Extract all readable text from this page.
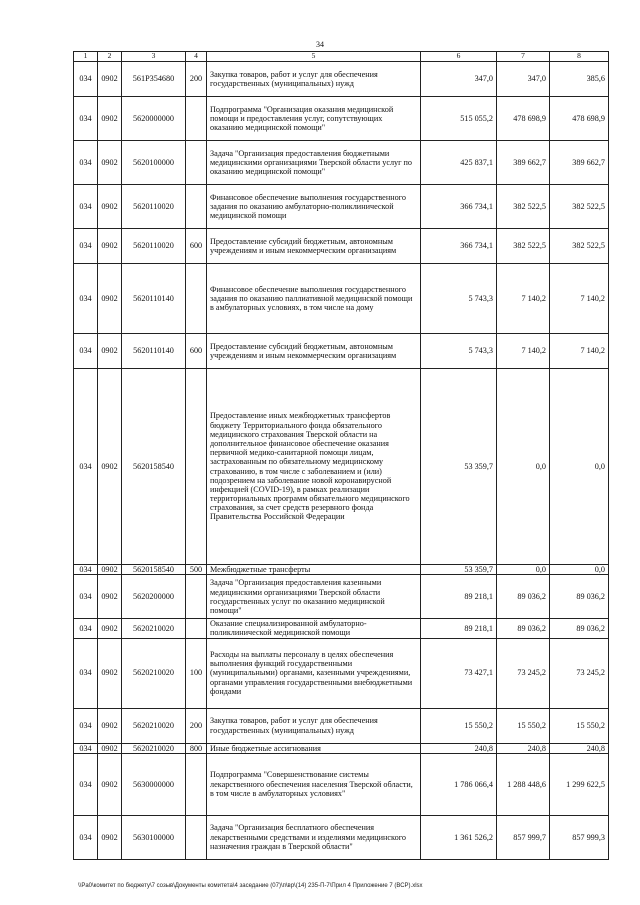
34
1	2	3	4	5	6	7	8
034	0902	561P354680	200	Закупка товаров, работ и услуг для обеспечения государственных (муниципальных) нужд	347,0	347,0	385,6
034	0902	5620000000		Подпрограмма "Организация оказания медицинской помощи и предоставления услуг, сопутствующих оказанию медицинской помощи"	515 055,2	478 698,9	478 698,9
034	0902	5620100000		Задача "Организация предоставления бюджетными медицинскими организациями Тверской области услуг по оказанию медицинской помощи"	425 837,1	389 662,7	389 662,7
034	0902	5620110020		Финансовое обеспечение выполнения государственного задания по оказанию амбулаторно-поликлинической медицинской помощи	366 734,1	382 522,5	382 522,5
034	0902	5620110020	600	Предоставление субсидий бюджетным, автономным учреждениям и иным некоммерческим организациям	366 734,1	382 522,5	382 522,5
034	0902	5620110140		Финансовое обеспечение выполнения государственного задания по оказанию паллиативной медицинской помощи в амбулаторных условиях, в том числе на дому	5 743,3	7 140,2	7 140,2
034	0902	5620110140	600	Предоставление субсидий бюджетным, автономным учреждениям и иным некоммерческим организациям	5 743,3	7 140,2	7 140,2
034	0902	5620158540		Предоставление иных межбюджетных трансфертов бюджету Территориального фонда обязательного медицинского страхования Тверской области на дополнительное финансовое обеспечение оказания первичной медико-санитарной помощи лицам, застрахованным по обязательному медицинскому страхованию, в том числе с заболеванием и (или) подозрением на заболевание новой коронавирусной инфекцией (COVID-19), в рамках реализации территориальных программ обязательного медицинского страхования, за счет средств резервного фонда Правительства Российской Федерации	53 359,7	0,0	0,0
034	0902	5620158540	500	Межбюджетные трансферты	53 359,7	0,0	0,0
034	0902	5620200000		Задача "Организация предоставления казенными медицинскими организациями Тверской области государственных услуг по оказанию медицинской помощи"	89 218,1	89 036,2	89 036,2
034	0902	5620210020		Оказание специализированной амбулаторно-поликлинической медицинской помощи	89 218,1	89 036,2	89 036,2
034	0902	5620210020	100	Расходы на выплаты персоналу в целях обеспечения выполнения функций государственными (муниципальными) органами, казенными учреждениями, органами управления государственными внебюджетными фондами	73 427,1	73 245,2	73 245,2
034	0902	5620210020	200	Закупка товаров, работ и услуг для обеспечения государственных (муниципальных) нужд	15 550,2	15 550,2	15 550,2
034	0902	5620210020	800	Иные бюджетные ассигнования	240,8	240,8	240,8
034	0902	5630000000		Подпрограмма "Совершенствование системы лекарственного обеспечения населения Тверской области, в том числе в амбулаторных условиях"	1 786 066,4	1 288 448,6	1 299 622,5
034	0902	5630100000		Задача "Организация бесплатного обеспечения лекарственными средствами и изделиями медицинского назначения граждан в Тверской области"	1 361 526,2	857 999,7	857 999,3
\\Pa0\комитет по бюджету\7 созыв\Документы комитета\4 заседание (07)\п\вр\(14) 235-П-7\Прил 4 Приложение 7 (ВСР).xlsx
